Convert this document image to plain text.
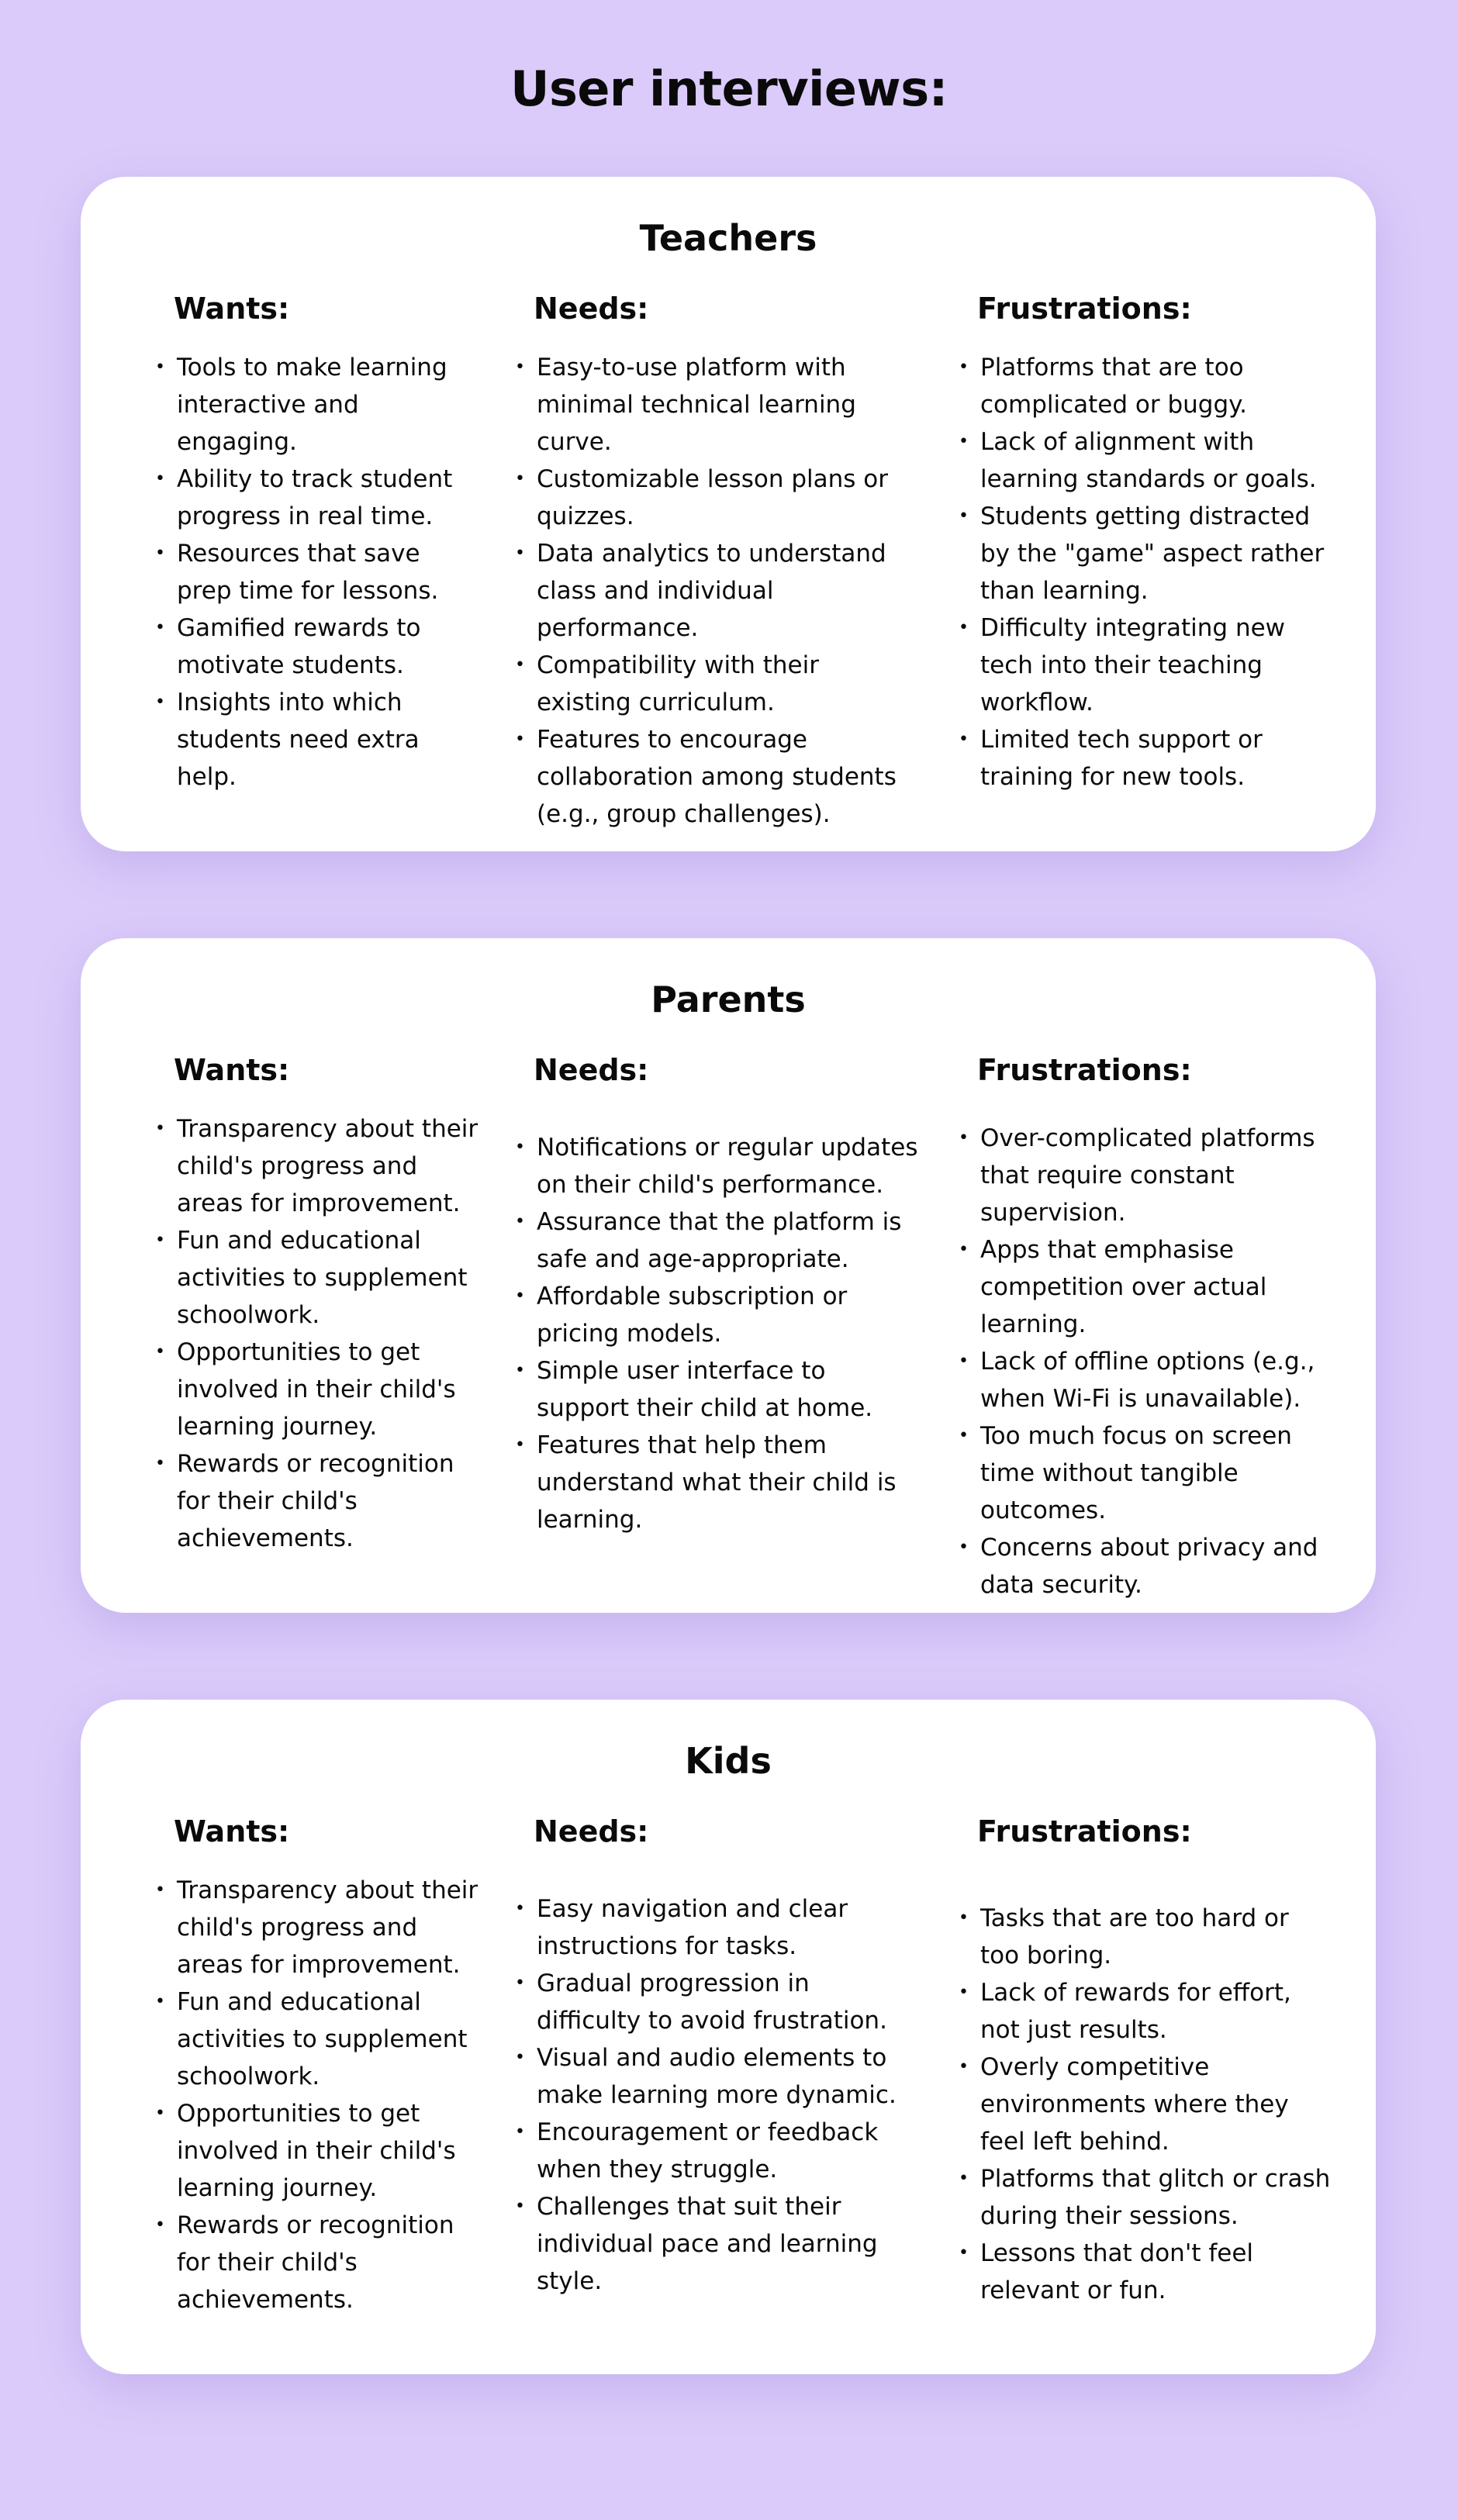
User interviews:
Teachers
Wants:
• Tools to make learning interactive and engaging.
• Ability to track student progress in real time.
• Resources that save prep time for lessons.
• Gamified rewards to motivate students.
• Insights into which students need extra help.
Needs:
• Easy-to-use platform with minimal technical learning curve.
• Customizable lesson plans or quizzes.
• Data analytics to understand class and individual performance.
• Compatibility with their existing curriculum.
• Features to encourage collaboration among students (e.g., group challenges).
Frustrations:
• Platforms that are too complicated or buggy.
• Lack of alignment with learning standards or goals.
• Students getting distracted by the "game" aspect rather than learning.
• Difficulty integrating new tech into their teaching workflow.
• Limited tech support or training for new tools.
Parents
Wants:
• Transparency about their child's progress and areas for improvement.
• Fun and educational activities to supplement schoolwork.
• Opportunities to get involved in their child's learning journey.
• Rewards or recognition for their child's achievements.
Needs:
• Notifications or regular updates on their child's performance.
• Assurance that the platform is safe and age-appropriate.
• Affordable subscription or pricing models.
• Simple user interface to support their child at home.
• Features that help them understand what their child is learning.
Frustrations:
• Over-complicated platforms that require constant supervision.
• Apps that emphasise competition over actual learning.
• Lack of offline options (e.g., when Wi-Fi is unavailable).
• Too much focus on screen time without tangible outcomes.
• Concerns about privacy and data security.
Kids
Wants:
• Transparency about their child's progress and areas for improvement.
• Fun and educational activities to supplement schoolwork.
• Opportunities to get involved in their child's learning journey.
• Rewards or recognition for their child's achievements.
Needs:
• Easy navigation and clear instructions for tasks.
• Gradual progression in difficulty to avoid frustration.
• Visual and audio elements to make learning more dynamic.
• Encouragement or feedback when they struggle.
• Challenges that suit their individual pace and learning style.
Frustrations:
• Tasks that are too hard or too boring.
• Lack of rewards for effort, not just results.
• Overly competitive environments where they feel left behind.
• Platforms that glitch or crash during their sessions.
• Lessons that don't feel relevant or fun.
